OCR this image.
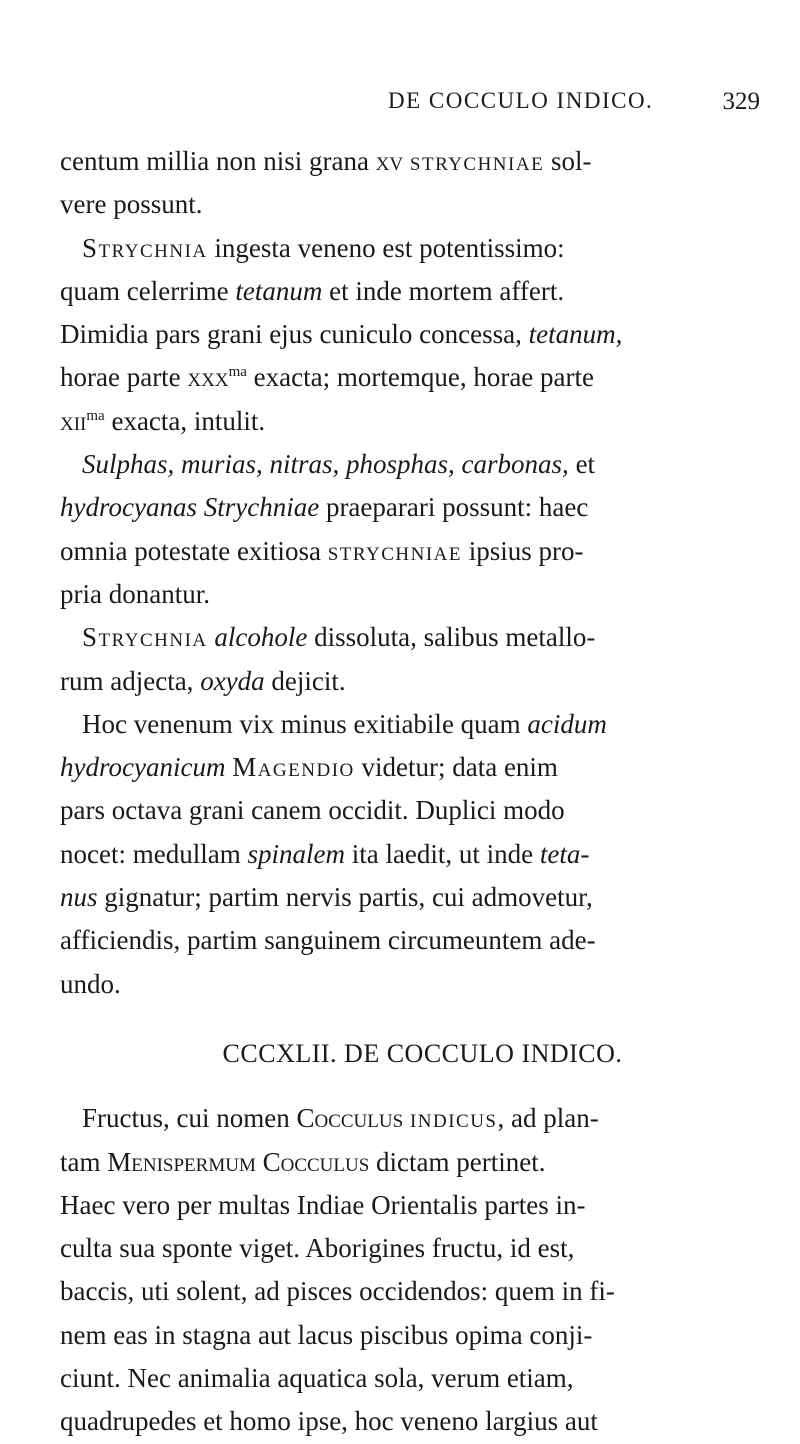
DE COCCULO INDICO.	329
centum millia non nisi grana xv strychniae sol-
vere possunt.
Strychnia ingesta veneno est potentissimo:
quam celerrime tetanum et inde mortem affert.
Dimidia pars grani ejus cuniculo concessa, tetanum,
horae parte xxx$^{ma}$ exacta; mortemque, horae parte
xii$^{ma}$ exacta, intulit.
Sulphas, murias, nitras, phosphas, carbonas, et
hydrocyanas Strychniae praeparari possunt: haec
omnia potestate exitiosa strychniae ipsius pro-
pria donantur.
Strychnia alcohole dissoluta, salibus metallo-
rum adjecta, oxyda dejicit.
Hoc venenum vix minus exitiabile quam acidum
hydrocyanicum Magendio videtur; data enim
pars octava grani canem occidit. Duplici modo
nocet: medullam spinalem ita laedit, ut inde teta-
nus gignatur; partim nervis partis, cui admovetur,
afficiendis, partim sanguinem circumeuntem ade-
undo.
CCCXLII. DE COCCULO INDICO.
Fructus, cui nomen Cocculus indicus, ad plan-
tam Menispermum Cocculus dictam pertinet.
Haec vero per multas Indiae Orientalis partes in-
culta sua sponte viget. Aborigines fructu, id est,
baccis, uti solent, ad pisces occidendos: quem in fi-
nem eas in stagna aut lacus piscibus opima conji-
ciunt. Nec animalia aquatica sola, verum etiam,
quadrupedes et homo ipse, hoc veneno largius aut
